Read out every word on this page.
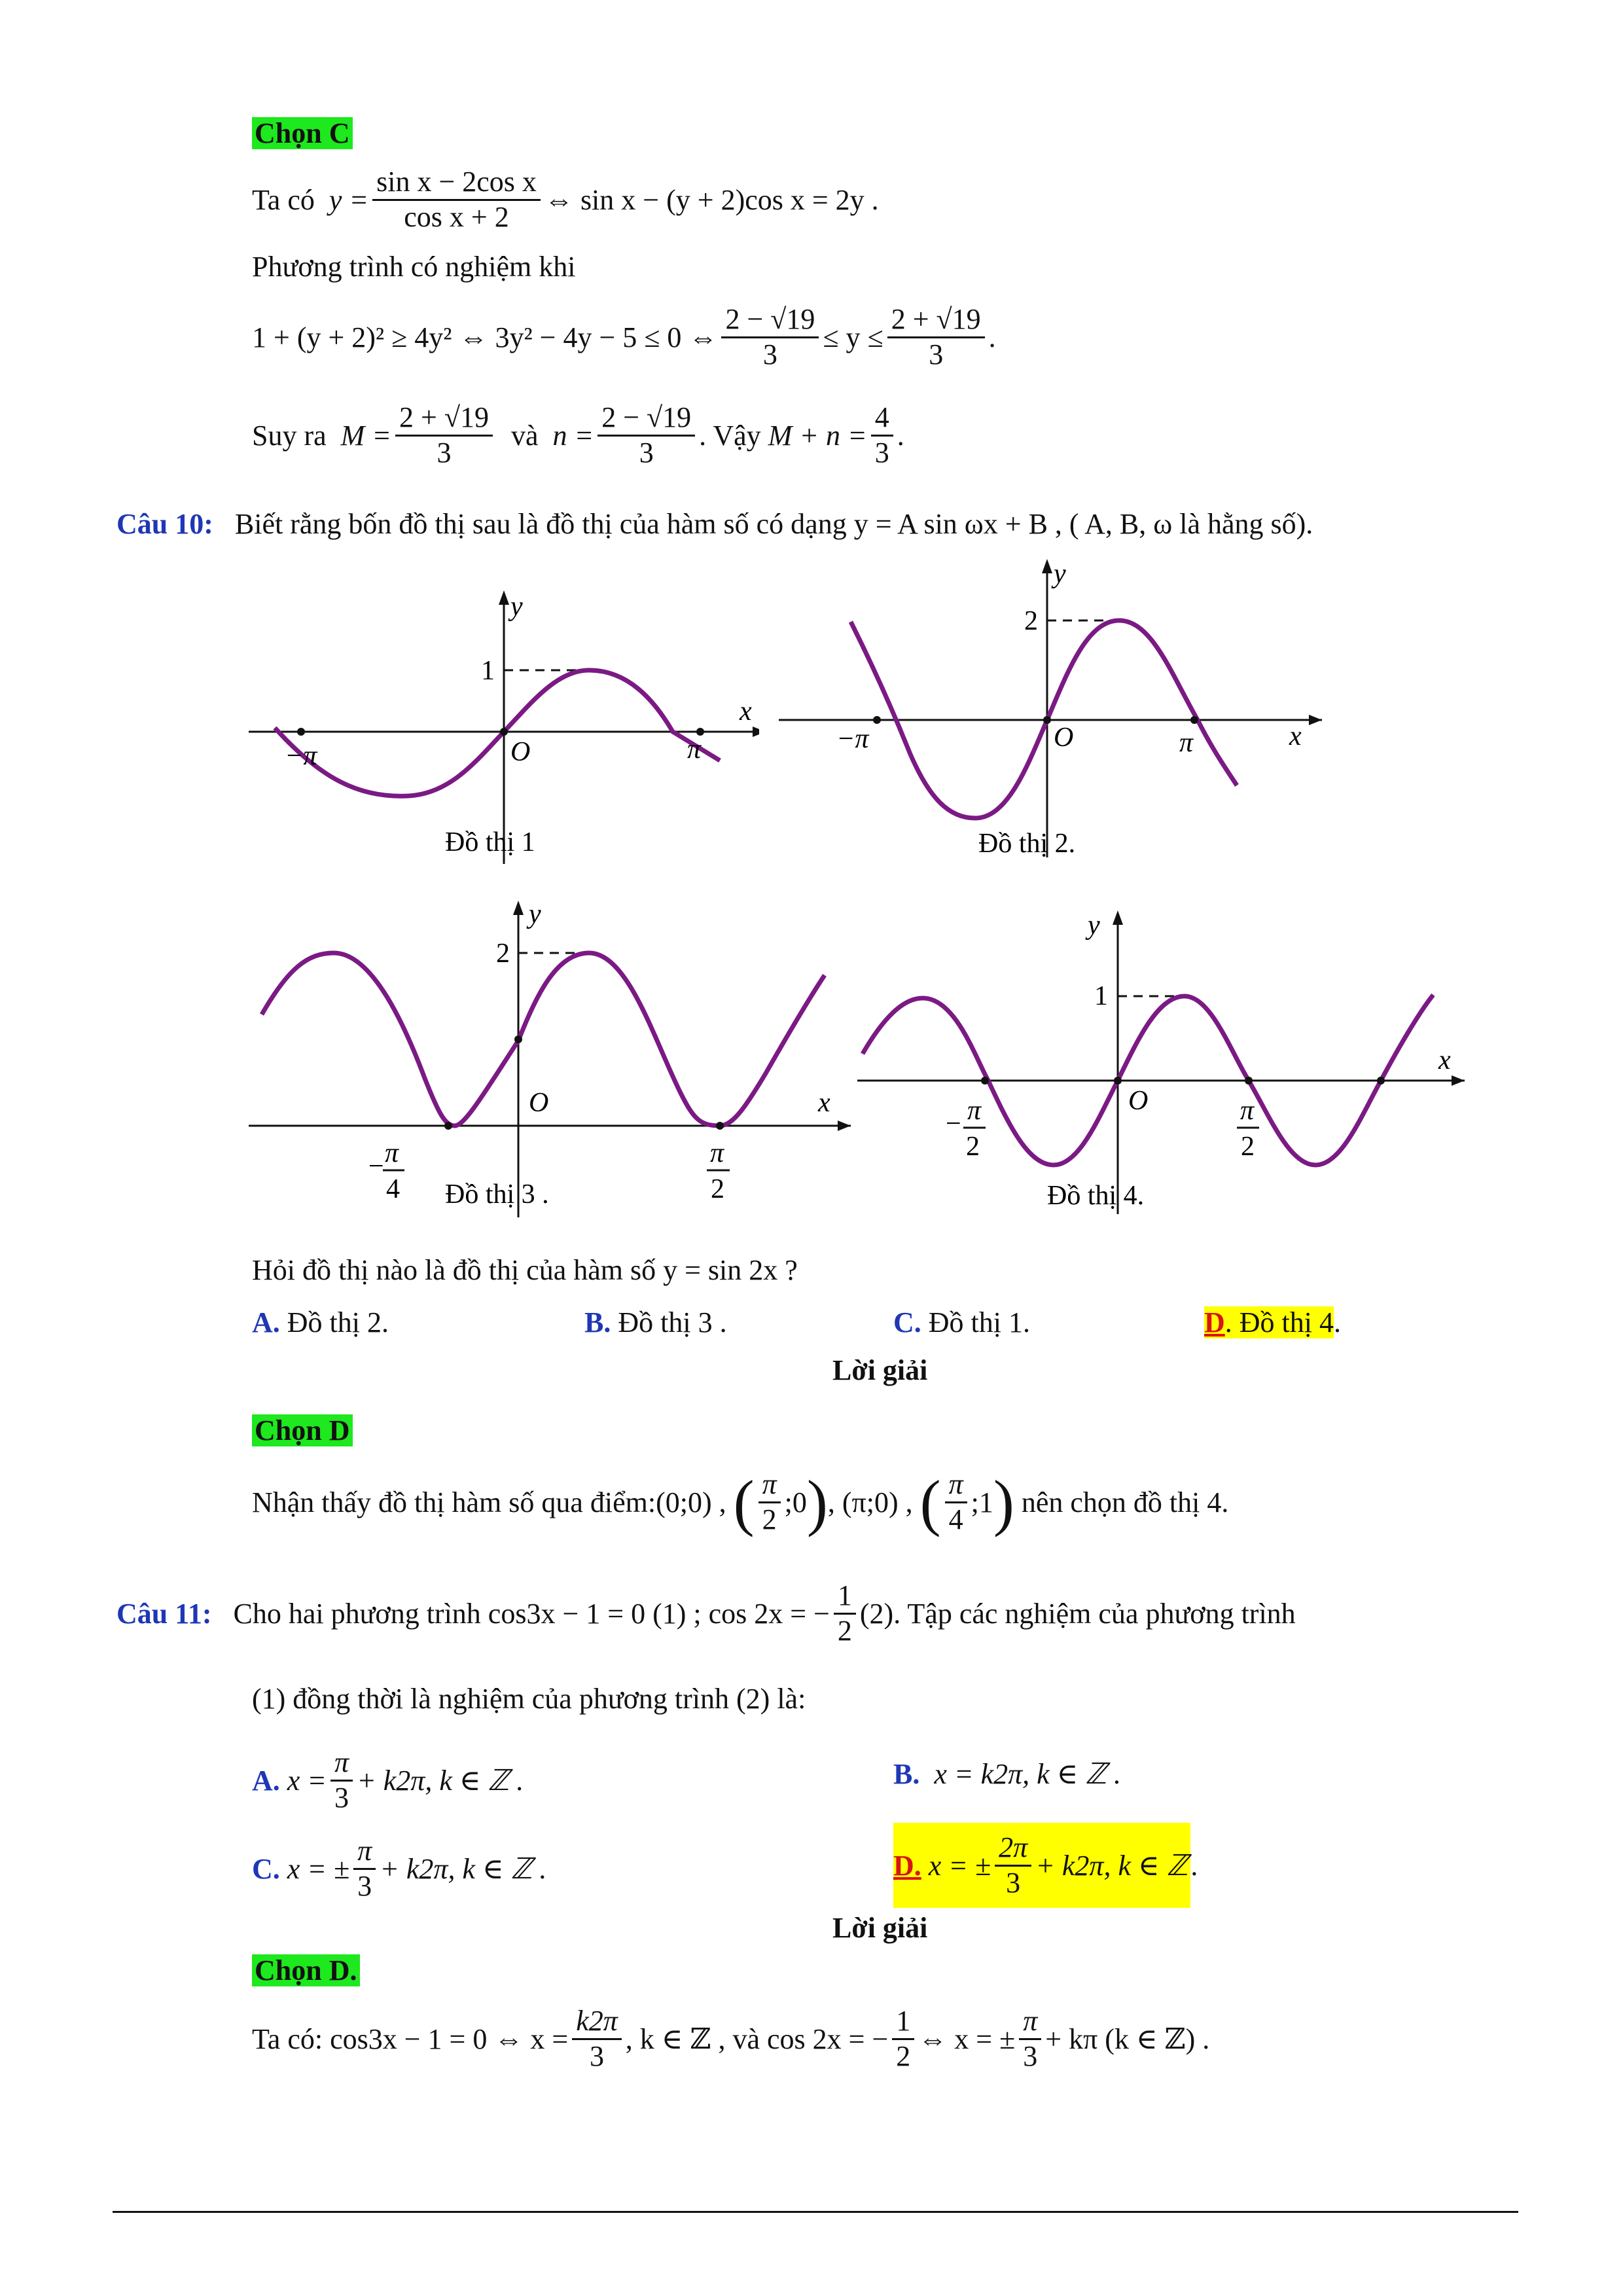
Chọn C
Ta có
$y = \frac{\text{sin x − 2cos x}}{\text{cos x + 2}}$ ⇔ sin x − (y + 2)cos x = 2y .
Phương trình có nghiệm khi
1 + (y + 2)² ≥ 4y² ⇔ 3y² − 4y − 5 ≤ 0 ⇔ $\frac{2 - √19}{3} \le y \le \frac{2 + √19}{3}$ .
Suy ra
$M = \frac{2 + √19}{3}$
và
$n = \frac{2 - √19}{3}$ . Vậy
$M + n = \frac{4}{3}$ .
Câu 10: Biết rằng bốn đồ thị sau là đồ thị của hàm số có dạng y = A sin ωx + B , ( A, B, ω là hằng số).
y
x
O
1
−π	π
Đồ thị 1
y
x
O
2
−π	π
Đồ thị 2.
y
x
O
2
− π
4
π
2
Đồ thị 3 .
y
x
O
1
− π
2
π
2
Đồ thị 4.
Hỏi đồ thị nào là đồ thị của hàm số y = sin 2x ?
A. Đồ thị 2.	B. Đồ thị 3 .	C. Đồ thị 1.	D. Đồ thị 4.
Lời giải
Chọn D
Nhận thấy đồ thị hàm số qua điểm: (0;0) ,
( $\frac{\pi}{2}$ ;0 ) , (π;0) ,
( $\frac{\pi}{4}$ ;1 )
nên chọn đồ thị 4.
Câu 11:
Cho hai phương trình cos3x − 1 = 0 (1) ; cos 2x = − $\frac{1}{2} (2)$. Tập các nghiệm của phương trình
(1) đồng thời là nghiệm của phương trình (2) là:
A.
$x = \frac{\pi}{3} + k2\pi$, k ∈ ℤ .	B. x = k2π, k ∈ ℤ .
C.
x = ± $\frac{\pi}{3} + k2\pi$, k ∈ ℤ .	D.
x = ± $\frac{2\pi}{3} + k2\pi$, k ∈ ℤ .
Lời giải
Chọn D.
Ta có: cos3x − 1 = 0 ⇔ $x = \frac{k2\pi}{3}$ , k ∈ ℤ , và cos 2x = − $\frac{1}{2}$ ⇔ x = ± $\frac{\pi}{3} + k\pi$ (k ∈ ℤ) .
